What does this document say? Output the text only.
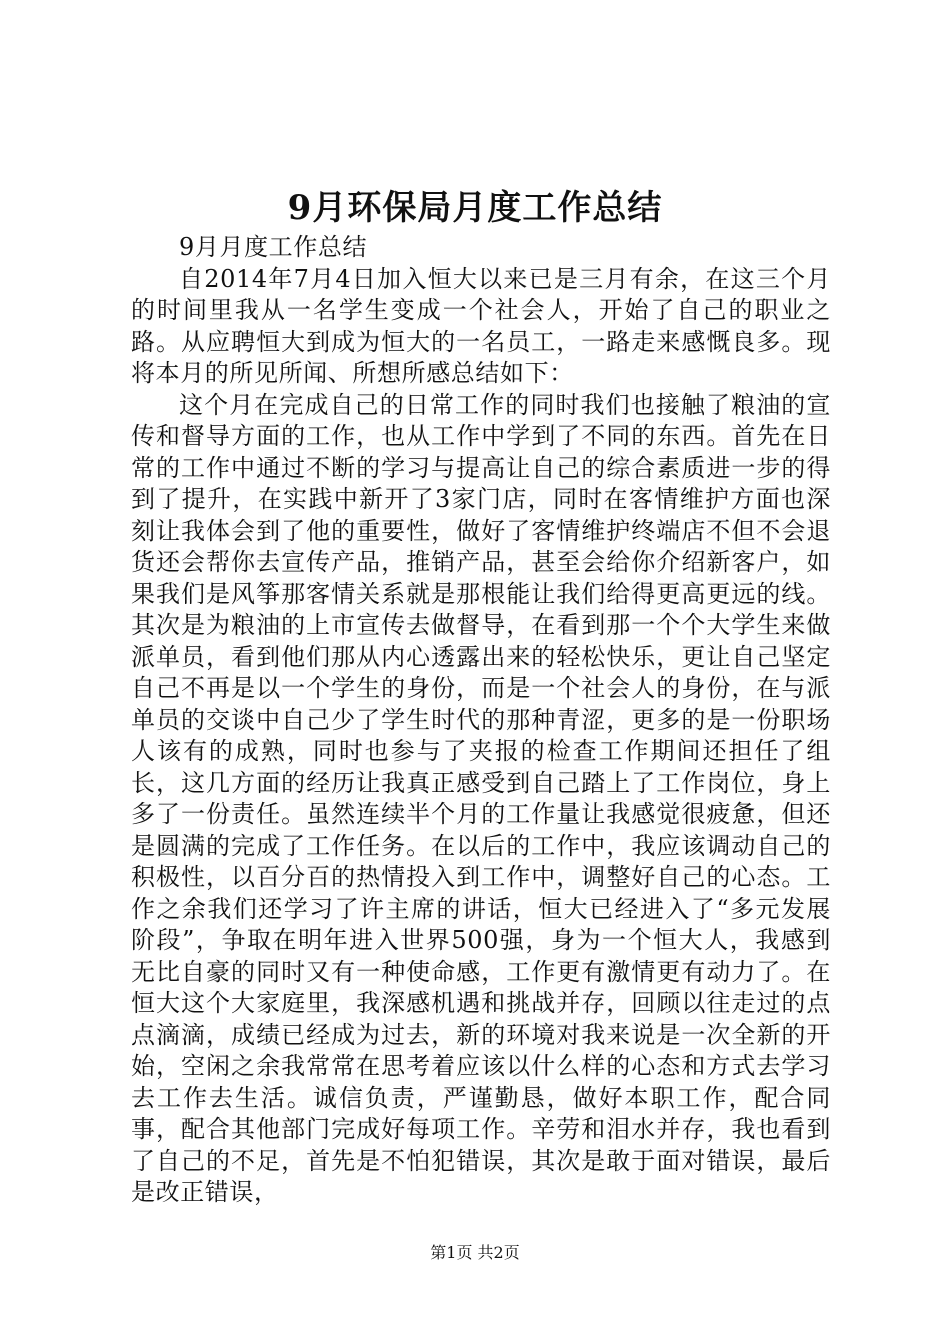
9月环保局月度工作总结

9月月度工作总结

自2014年7月4日加入恒大以来已是三月有余，在这三个月的时间里我从一名学生变成一个社会人，开始了自己的职业之路。从应聘恒大到成为恒大的一名员工，一路走来感慨良多。现将本月的所见所闻、所想所感总结如下：

这个月在完成自己的日常工作的同时我们也接触了粮油的宣传和督导方面的工作，也从工作中学到了不同的东西。首先在日常的工作中通过不断的学习与提高让自己的综合素质进一步的得到了提升，在实践中新开了3家门店，同时在客情维护方面也深刻让我体会到了他的重要性，做好了客情维护终端店不但不会退货还会帮你去宣传产品，推销产品，甚至会给你介绍新客户，如果我们是风筝那客情关系就是那根能让我们给得更高更远的线。其次是为粮油的上市宣传去做督导，在看到那一个个大学生来做派单员，看到他们那从内心透露出来的轻松快乐，更让自己坚定自己不再是以一个学生的身份，而是一个社会人的身份，在与派单员的交谈中自己少了学生时代的那种青涩，更多的是一份职场人该有的成熟，同时也参与了夹报的检查工作期间还担任了组长，这几方面的经历让我真正感受到自己踏上了工作岗位，身上多了一份责任。虽然连续半个月的工作量让我感觉很疲惫，但还是圆满的完成了工作任务。在以后的工作中，我应该调动自己的积极性，以百分百的热情投入到工作中，调整好自己的心态。工作之余我们还学习了许主席的讲话，恒大已经进入了“多元发展阶段”，争取在明年进入世界500强，身为一个恒大人，我感到无比自豪的同时又有一种使命感，工作更有激情更有动力了。在恒大这个大家庭里，我深感机遇和挑战并存，回顾以往走过的点点滴滴，成绩已经成为过去，新的环境对我来说是一次全新的开始，空闲之余我常常在思考着应该以什么样的心态和方式去学习去工作去生活。诚信负责，严谨勤恳，做好本职工作，配合同事，配合其他部门完成好每项工作。辛劳和泪水并存，我也看到了自己的不足，首先是不怕犯错误，其次是敢于面对错误，最后是改正错误，

第1页 共2页
